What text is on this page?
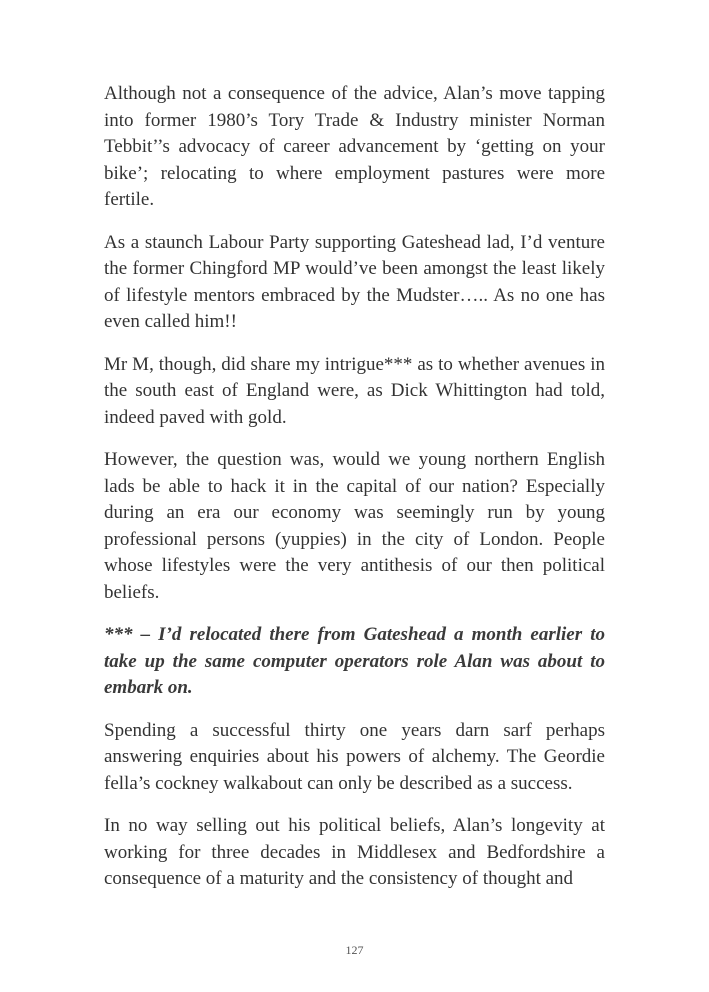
Although not a consequence of the advice, Alan’s move tapping into former 1980’s Tory Trade & Industry minister Norman Tebbit’’s advocacy of career advancement by ‘getting on your bike’; relocating to where employment pastures were more fertile.

As a staunch Labour Party supporting Gateshead lad, I’d venture the former Chingford MP would’ve been amongst the least likely of lifestyle mentors embraced by the Mudster….. As no one has even called him!!

Mr M, though, did share my intrigue*** as to whether avenues in the south east of England were, as Dick Whittington had told, indeed paved with gold.

However, the question was, would we young northern English lads be able to hack it in the capital of our nation? Especially during an era our economy was seemingly run by young professional persons (yuppies) in the city of London. People whose lifestyles were the very antithesis of our then political beliefs.

*** – I’d relocated there from Gateshead a month earlier to take up the same computer operators role Alan was about to embark on.

Spending a successful thirty one years darn sarf perhaps answering enquiries about his powers of alchemy. The Geordie fella’s cockney walkabout can only be described as a success.

In no way selling out his political beliefs, Alan’s longevity at working for three decades in Middlesex and Bedfordshire a consequence of a maturity and the consistency of thought and

127
